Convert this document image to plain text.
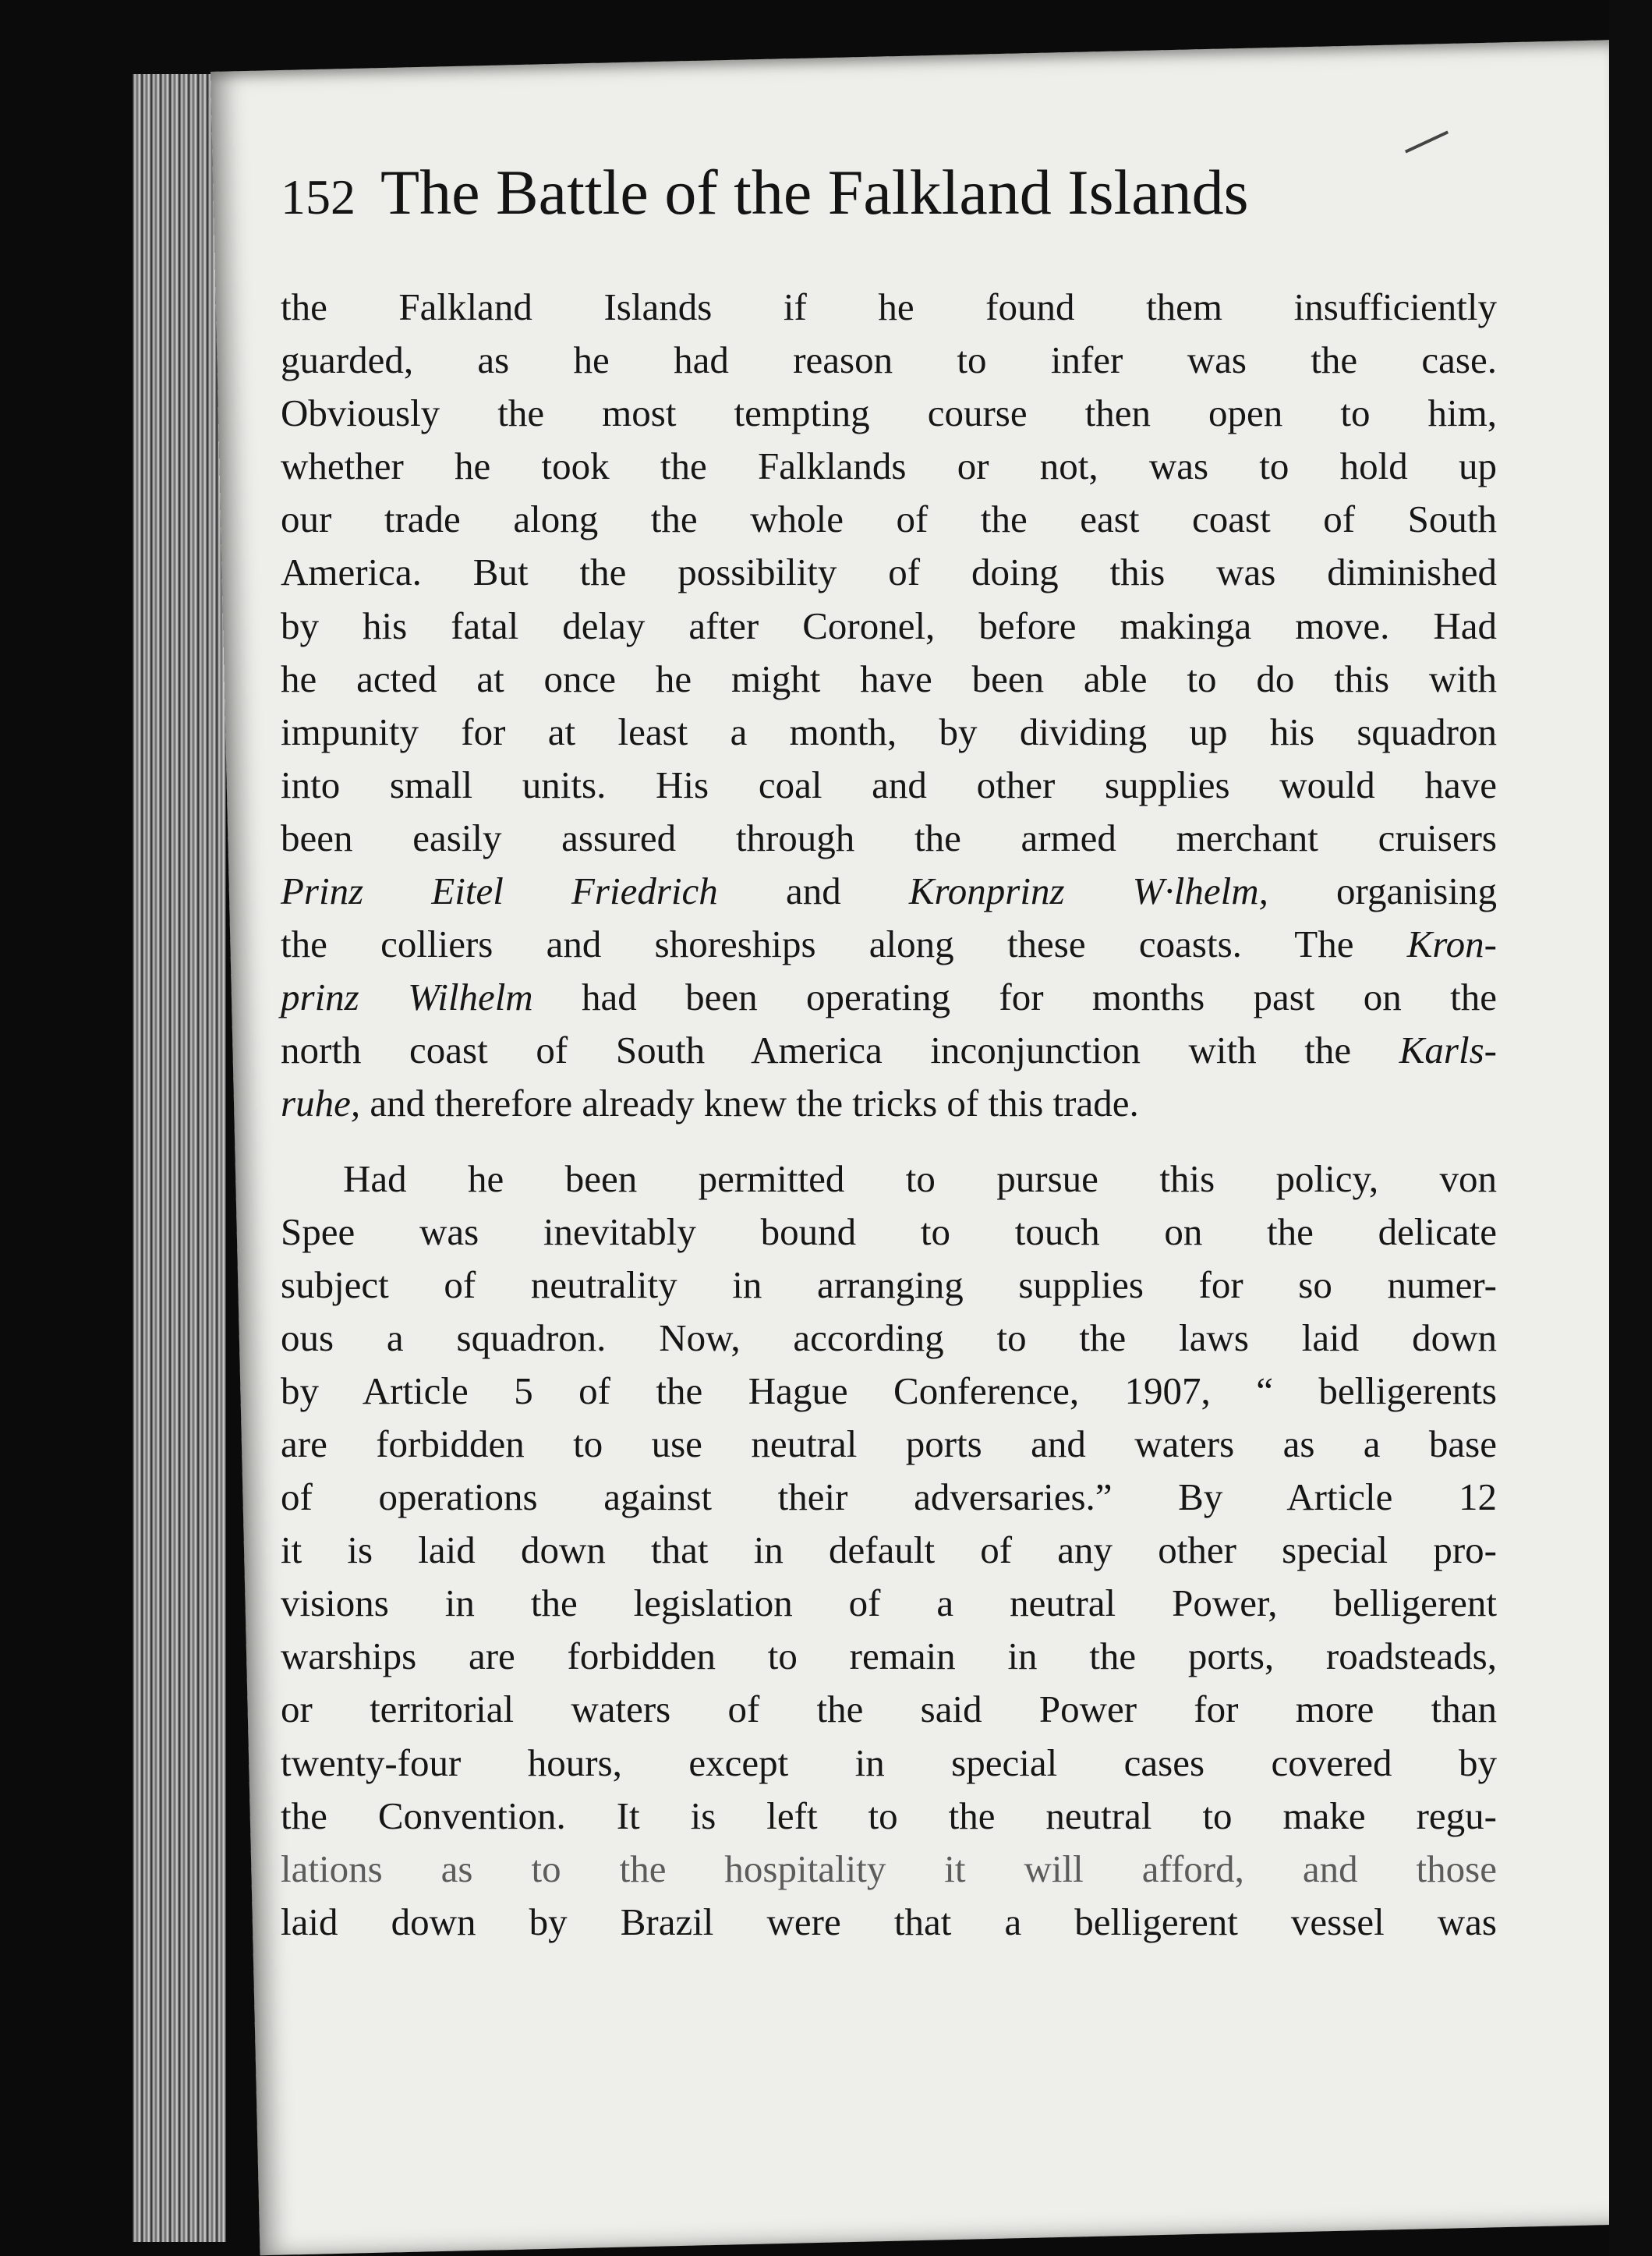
152 The Battle of the Falkland Islands
the Falkland Islands if he found them insufficiently
guarded, as he had reason to infer was the case.
Obviously the most tempting course then open to him,
whether he took the Falklands or not, was to hold up
our trade along the whole of the east coast of South
America. But the possibility of doing this was diminished
by his fatal delay after Coronel, before makinga move. Had
he acted at once he might have been able to do this with
impunity for at least a month, by dividing up his squadron
into small units. His coal and other supplies would have
been easily assured through the armed merchant cruisers
Prinz Eitel Friedrich and Kronprinz W·lhelm, organising
the colliers and shoreships along these coasts. The Kron-
prinz Wilhelm had been operating for months past on the
north coast of South America inconjunction with the Karls-
ruhe, and therefore already knew the tricks of this trade.
Had he been permitted to pursue this policy, von
Spee was inevitably bound to touch on the delicate
subject of neutrality in arranging supplies for so numer-
ous a squadron. Now, according to the laws laid down
by Article 5 of the Hague Conference, 1907, “ belligerents
are forbidden to use neutral ports and waters as a base
of operations against their adversaries.” By Article 12
it is laid down that in default of any other special pro-
visions in the legislation of a neutral Power, belligerent
warships are forbidden to remain in the ports, roadsteads,
or territorial waters of the said Power for more than
twenty-four hours, except in special cases covered by
the Convention. It is left to the neutral to make regu-
lations as to the hospitality it will afford, and those
laid down by Brazil were that a belligerent vessel was
